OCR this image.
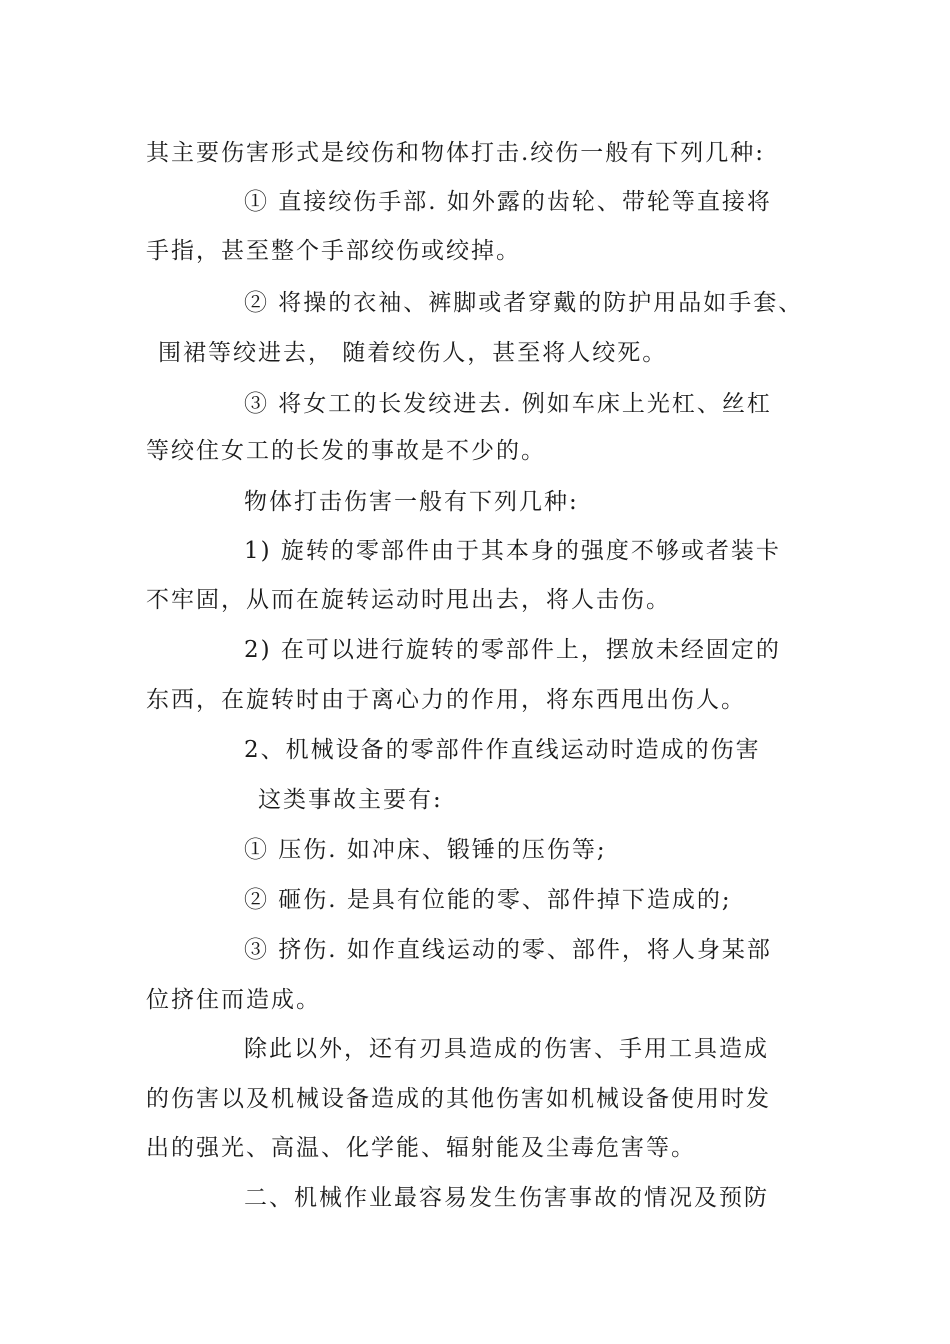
其主要伤害形式是绞伤和物体打击.绞伤一般有下列几种:

① 直接绞伤手部. 如外露的齿轮、带轮等直接将

手指，甚至整个手部绞伤或绞掉。

② 将操的衣袖、裤脚或者穿戴的防护用品如手套、

围裙等绞进去， 随着绞伤人，甚至将人绞死。

③ 将女工的长发绞进去. 例如车床上光杠、丝杠

等绞住女工的长发的事故是不少的。

物体打击伤害一般有下列几种:

1) 旋转的零部件由于其本身的强度不够或者装卡

不牢固，从而在旋转运动时甩出去，将人击伤。

2) 在可以进行旋转的零部件上，摆放未经固定的

东西，在旋转时由于离心力的作用，将东西甩出伤人。

2、机械设备的零部件作直线运动时造成的伤害

这类事故主要有:

① 压伤. 如冲床、锻锤的压伤等;

② 砸伤. 是具有位能的零、部件掉下造成的;

③ 挤伤. 如作直线运动的零、部件，将人身某部

位挤住而造成。

除此以外，还有刃具造成的伤害、手用工具造成

的伤害以及机械设备造成的其他伤害如机械设备使用时发

出的强光、高温、化学能、辐射能及尘毒危害等。

二、机械作业最容易发生伤害事故的情况及预防
